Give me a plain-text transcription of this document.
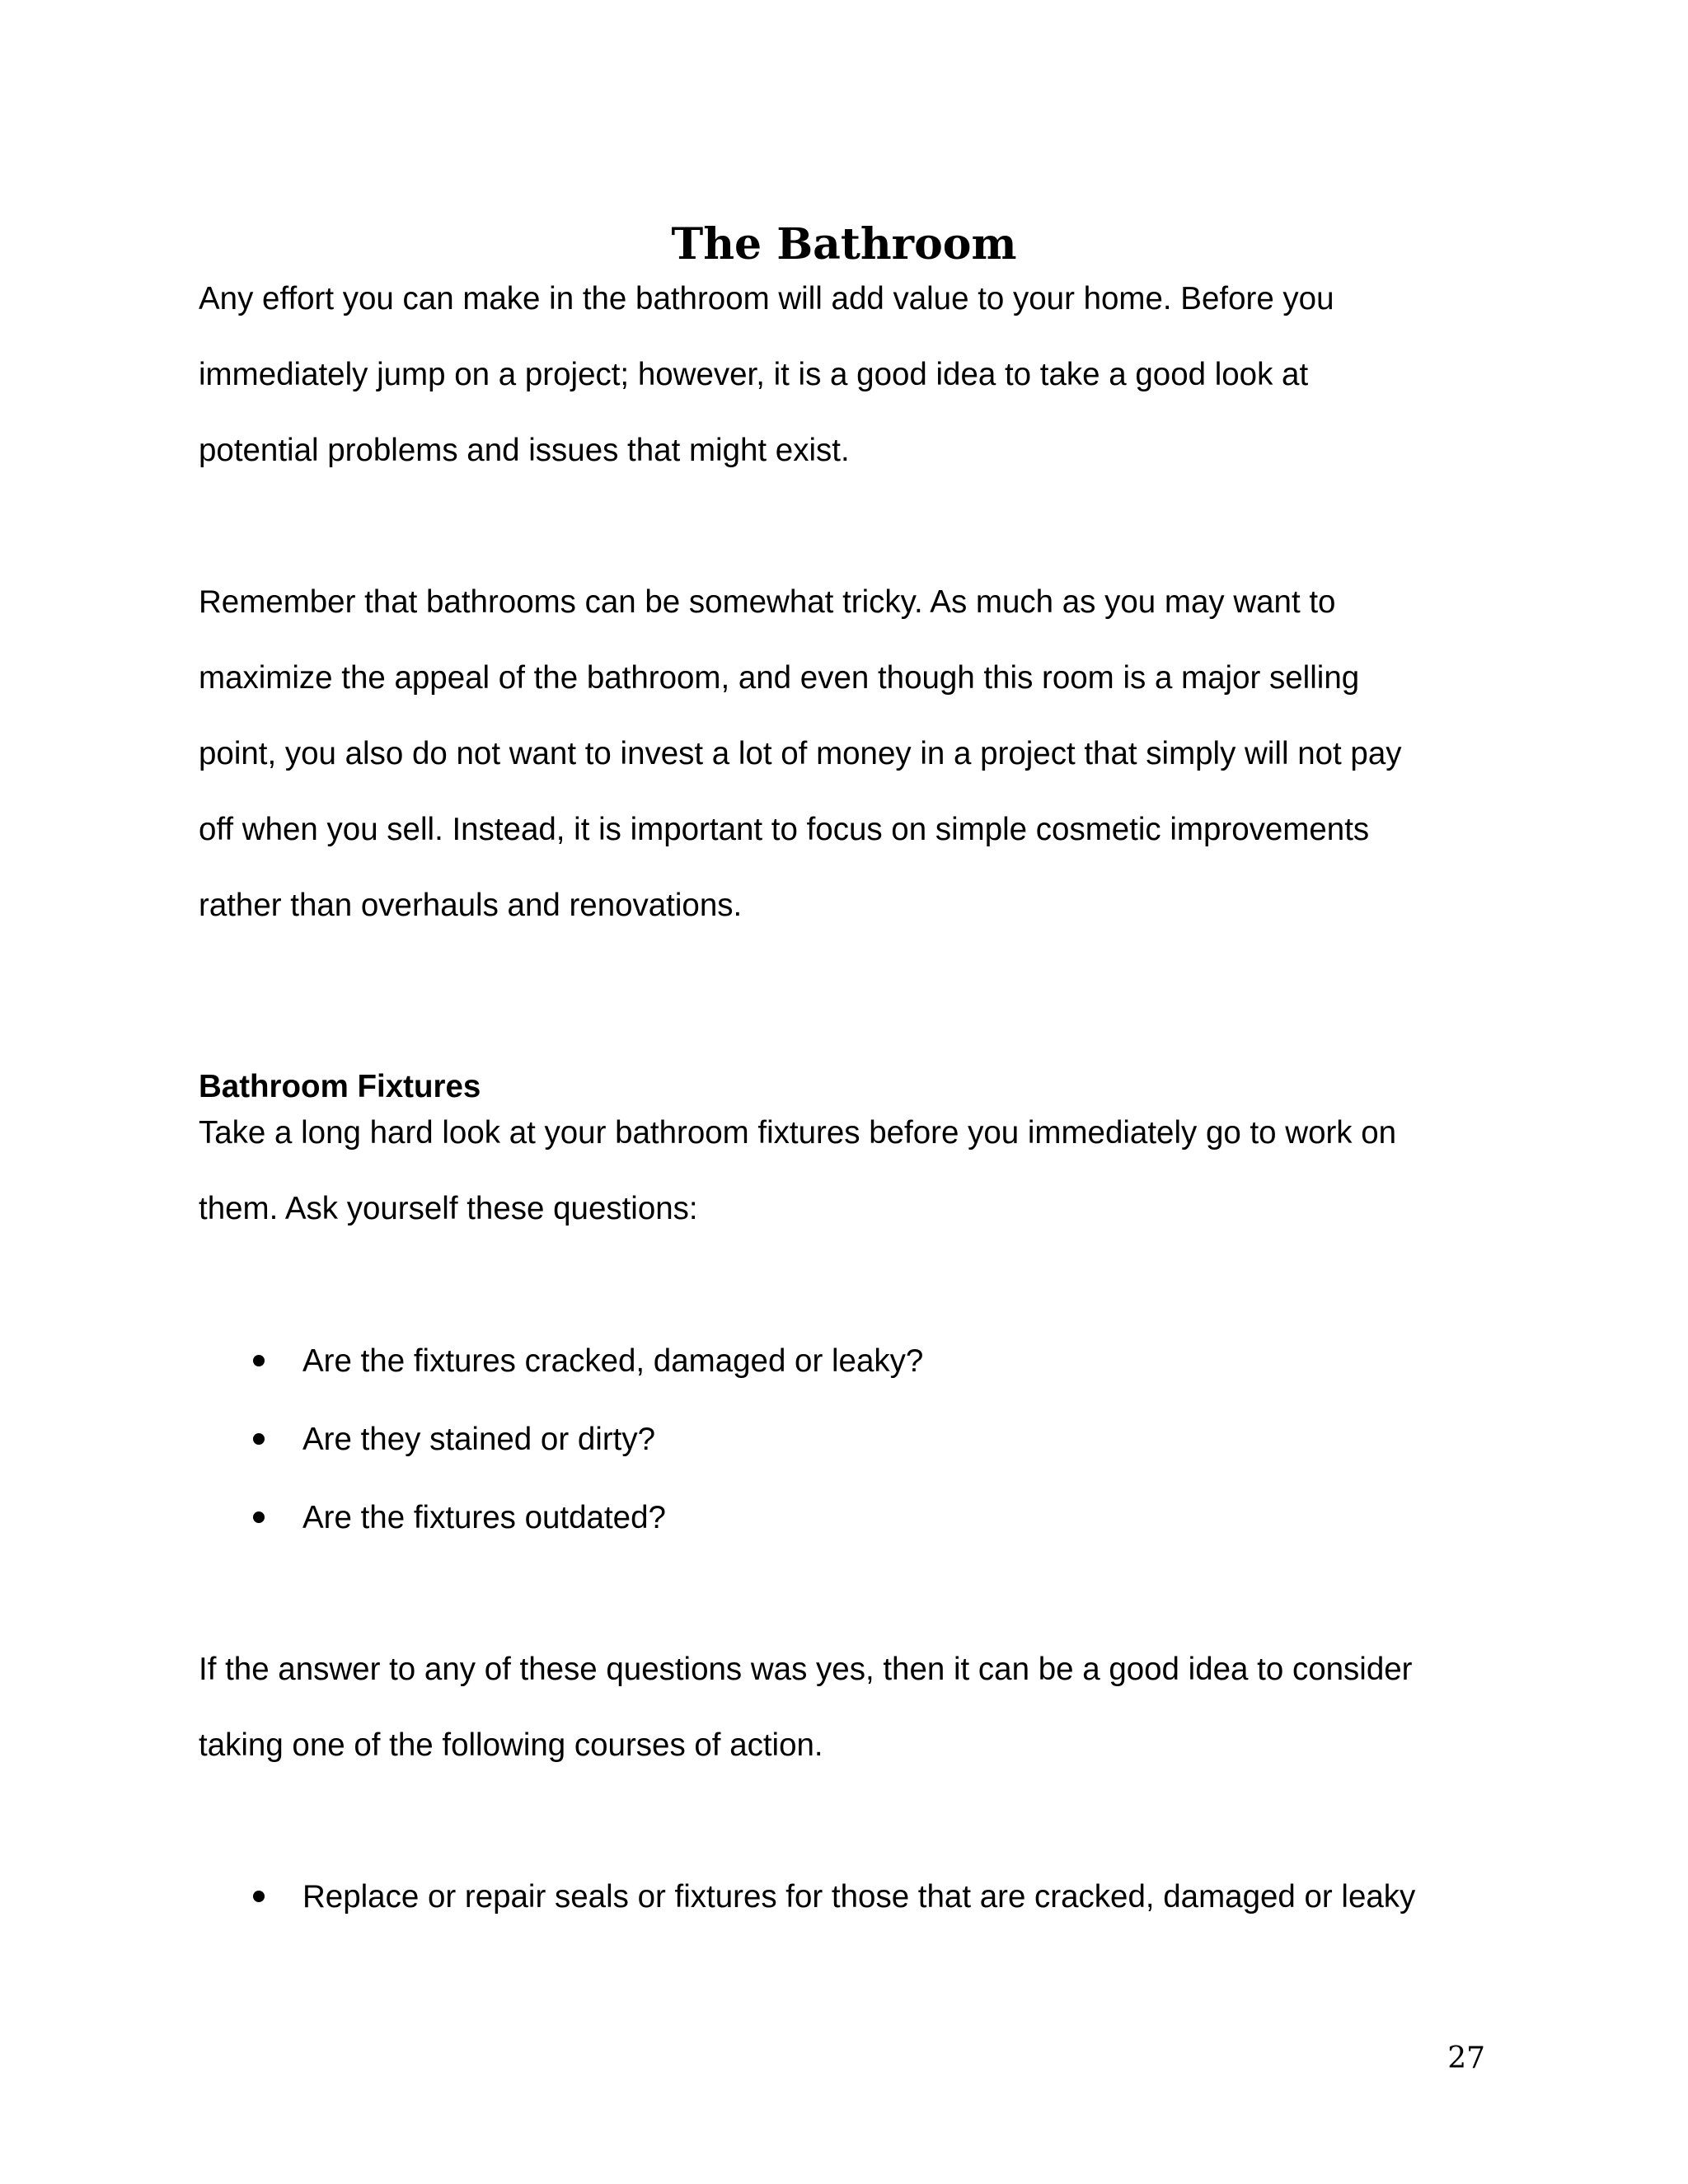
The Bathroom

Any effort you can make in the bathroom will add value to your home. Before you

immediately jump on a project; however, it is a good idea to take a good look at

potential problems and issues that might exist.

Remember that bathrooms can be somewhat tricky. As much as you may want to

maximize the appeal of the bathroom, and even though this room is a major selling

point, you also do not want to invest a lot of money in a project that simply will not pay

off when you sell. Instead, it is important to focus on simple cosmetic improvements

rather than overhauls and renovations.

Bathroom Fixtures

Take a long hard look at your bathroom fixtures before you immediately go to work on

them. Ask yourself these questions:

Are the fixtures cracked, damaged or leaky?
Are they stained or dirty?
Are the fixtures outdated?

If the answer to any of these questions was yes, then it can be a good idea to consider

taking one of the following courses of action.

Replace or repair seals or fixtures for those that are cracked, damaged or leaky

27
